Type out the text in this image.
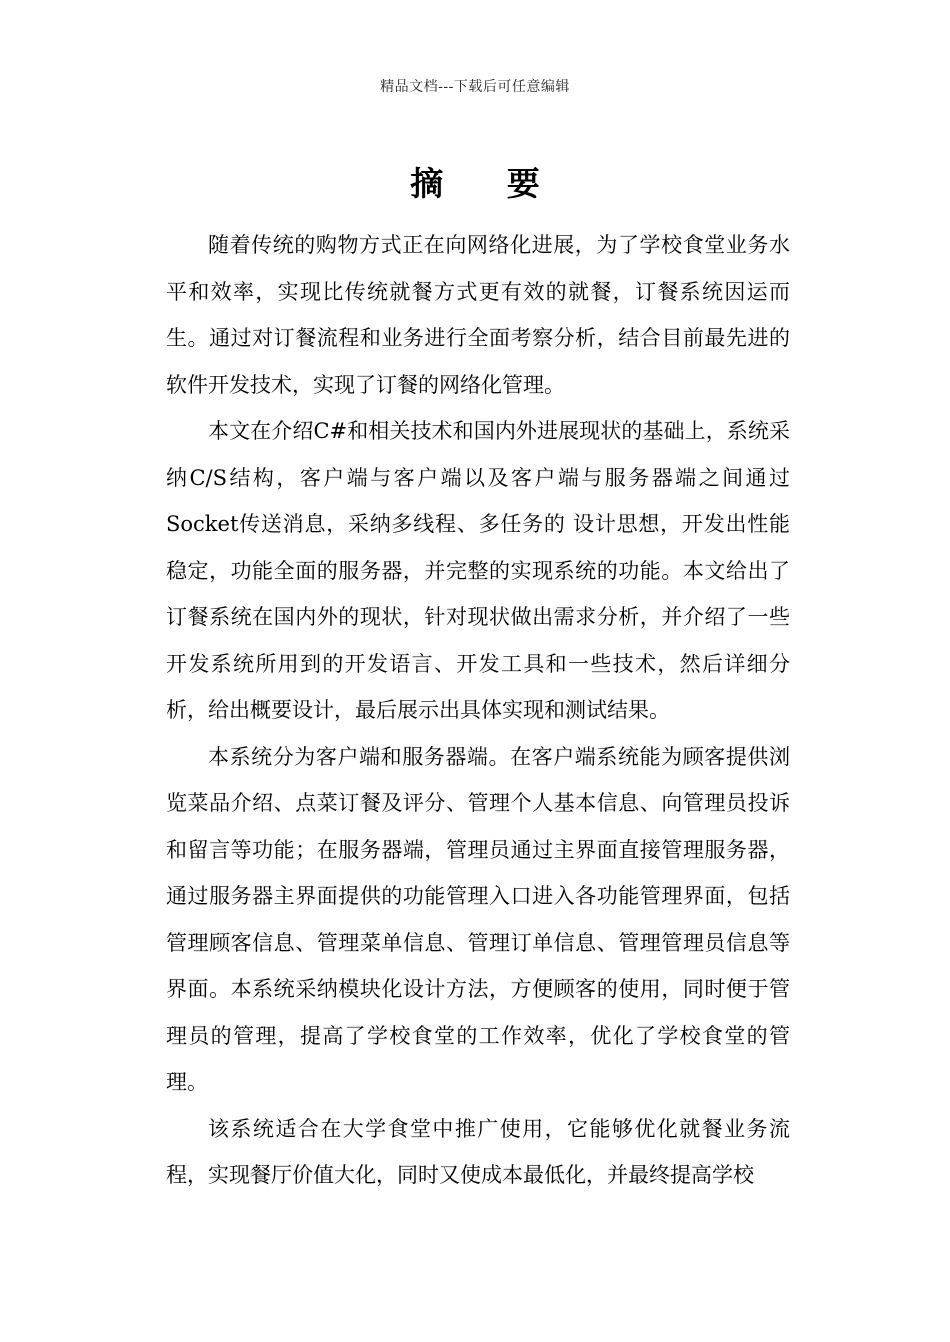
精品文档---下载后可任意编辑
摘 要

随着传统的购物方式正在向网络化进展，为了学校食堂业务水平和效率，实现比传统就餐方式更有效的就餐，订餐系统因运而生。通过对订餐流程和业务进行全面考察分析，结合目前最先进的软件开发技术，实现了订餐的网络化管理。

本文在介绍C#和相关技术和国内外进展现状的基础上，系统采纳C/S结构，客户端与客户端以及客户端与服务器端之间通过Socket传送消息，采纳多线程、多任务的 设计思想，开发出性能稳定，功能全面的服务器，并完整的实现系统的功能。本文给出了订餐系统在国内外的现状，针对现状做出需求分析，并介绍了一些开发系统所用到的开发语言、开发工具和一些技术，然后详细分析，给出概要设计，最后展示出具体实现和测试结果。

本系统分为客户端和服务器端。在客户端系统能为顾客提供浏览菜品介绍、点菜订餐及评分、管理个人基本信息、向管理员投诉和留言等功能；在服务器端，管理员通过主界面直接管理服务器，通过服务器主界面提供的功能管理入口进入各功能管理界面，包括管理顾客信息、管理菜单信息、管理订单信息、管理管理员信息等界面。本系统采纳模块化设计方法，方便顾客的使用，同时便于管理员的管理，提高了学校食堂的工作效率，优化了学校食堂的管理。

该系统适合在大学食堂中推广使用，它能够优化就餐业务流程，实现餐厅价值大化，同时又使成本最低化，并最终提高学校
